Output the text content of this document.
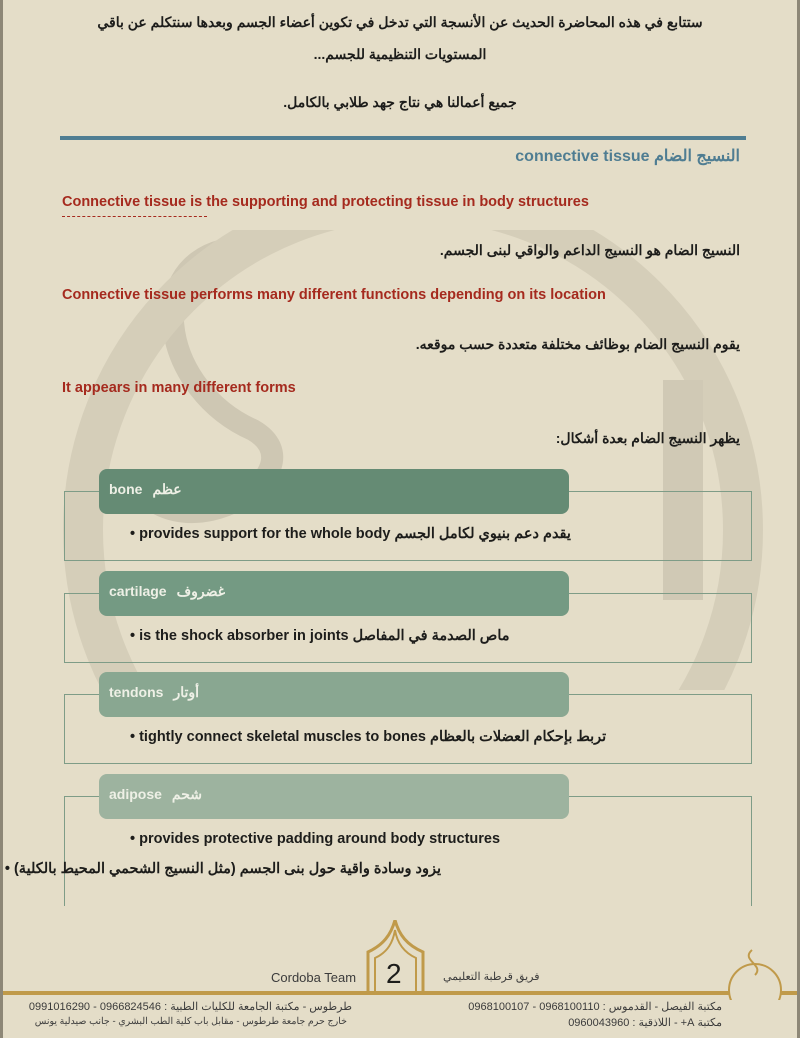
ستتابع في هذه المحاضرة الحديث عن الأنسجة التي تدخل في تكوين أعضاء الجسم وبعدها سنتكلم عن باقي
المستويات التنظيمية للجسم...
جميع أعمالنا هي نتاج جهد طلابي بالكامل.
النسيج الضام connective tissue
Connective tissue is the supporting and protecting tissue in body structures
النسيج الضام هو النسيج الداعم والواقي لبنى الجسم.
Connective tissue performs many different functions depending on its location
يقوم النسيج الضام بوظائف مختلفة متعددة حسب موقعه.
It appears in many different forms
يظهر النسيج الضام بعدة أشكال:
• provides support for the whole body يقدم دعم بنيوي لكامل الجسم
bone عظم
• is the shock absorber in joints ماص الصدمة في المفاصل
cartilage غضروف
• tightly connect skeletal muscles to bones تربط بإحكام العضلات بالعظام
tendons أوتار
• provides protective padding around body structures
يزود وسادة واقية حول بنى الجسم (مثل النسيج الشحمي المحيط بالكلية) •
adipose شحم
Cordoba Team 2	فريق قرطبة التعليمي
طرطوس - مكتبة الجامعة للكليات الطبية : 0966824546 - 0991016290
خارج حرم جامعة طرطوس - مقابل باب كلية الطب البشري - جانب صيدلية يونس
مكتبة الفيصل - القدموس : 0968100110 - 0968100107
مكتبة A+ - اللاذقية : 0960043960
